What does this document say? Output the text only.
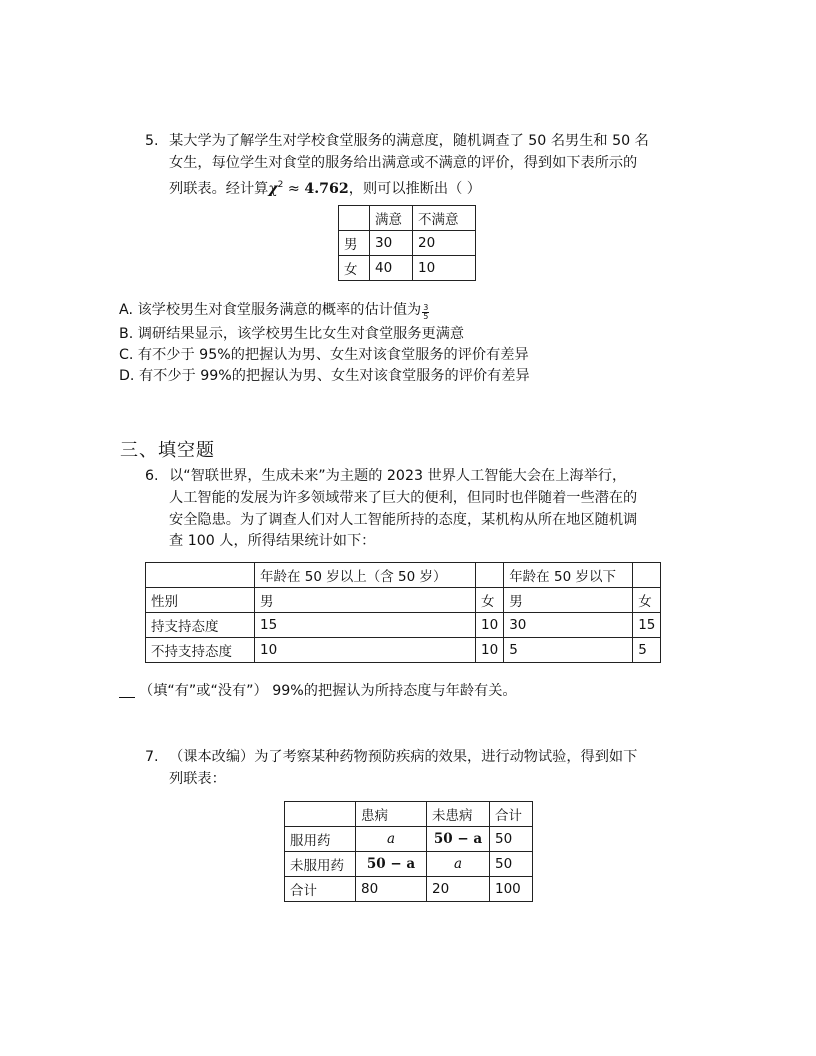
5. 某大学为了解学生对学校食堂服务的满意度，随机调查了 50 名男生和 50 名
女生，每位学生对食堂的服务给出满意或不满意的评价，得到如下表所示的
列联表。经计算$\chi^2 \approx 4.762$，则可以推断出（ ）
	满意	不满意
男	30	20
女	40	10
A. 该学校男生对食堂服务满意的概率的估计值为 $\frac{3}{5}$
B. 调研结果显示，该学校男生比女生对食堂服务更满意
C. 有不少于 95%的把握认为男、女生对该食堂服务的评价有差异
D. 有不少于 99%的把握认为男、女生对该食堂服务的评价有差异
三、填空题
6. 以“智联世界，生成未来”为主题的 2023 世界人工智能大会在上海举行，
人工智能的发展为许多领域带来了巨大的便利，但同时也伴随着一些潜在的
安全隐患。为了调查人们对人工智能所持的态度，某机构从所在地区随机调
查 100 人，所得结果统计如下：
	年龄在 50 岁以上（含 50 岁）		年龄在 50 岁以下	
性别	男	女	男	女
持支持态度	15	10	30	15
不持支持态度	10	10	5	5
（填“有”或“没有”） 99%的把握认为所持态度与年龄有关。
7. （课本改编）为了考察某种药物预防疾病的效果，进行动物试验，得到如下
列联表：
	患病	未患病	合计
服用药	a	50 − a	50
未服用药	50 − a	a	50
合计	80	20	100
